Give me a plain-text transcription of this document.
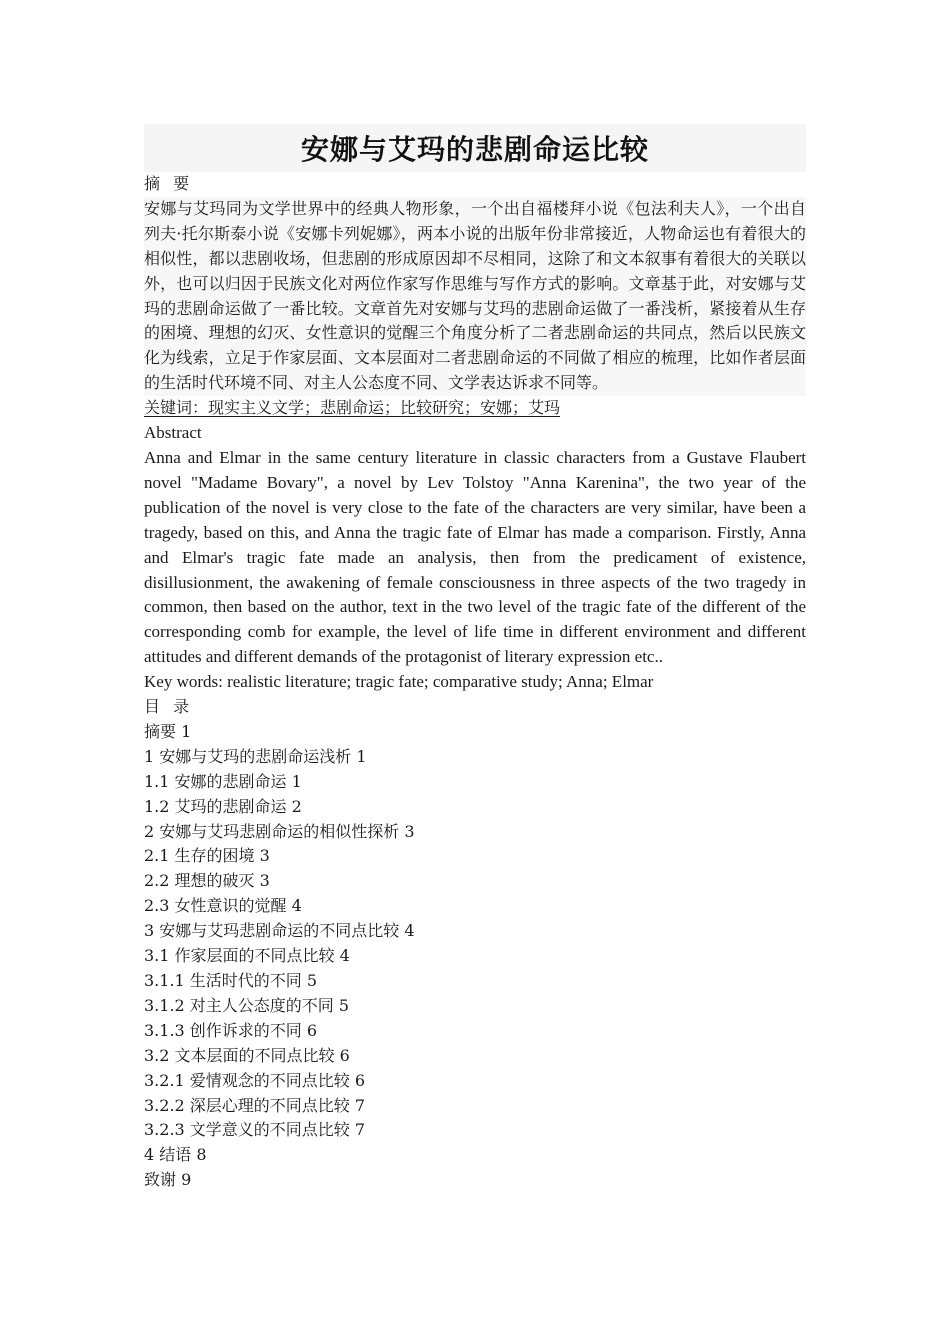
安娜与艾玛的悲剧命运比较

摘 要

安娜与艾玛同为文学世界中的经典人物形象，一个出自福楼拜小说《包法利夫人》，一个出自列夫·托尔斯泰小说《安娜卡列妮娜》，两本小说的出版年份非常接近，人物命运也有着很大的相似性，都以悲剧收场，但悲剧的形成原因却不尽相同，这除了和文本叙事有着很大的关联以外，也可以归因于民族文化对两位作家写作思维与写作方式的影响。文章基于此，对安娜与艾玛的悲剧命运做了一番比较。文章首先对安娜与艾玛的悲剧命运做了一番浅析，紧接着从生存的困境、理想的幻灭、女性意识的觉醒三个角度分析了二者悲剧命运的共同点，然后以民族文化为线索，立足于作家层面、文本层面对二者悲剧命运的不同做了相应的梳理，比如作者层面的生活时代环境不同、对主人公态度不同、文学表达诉求不同等。

关键词：现实主义文学；悲剧命运；比较研究；安娜；艾玛

Abstract

Anna and Elmar in the same century literature in classic characters from a Gustave Flaubert novel "Madame Bovary", a novel by Lev Tolstoy "Anna Karenina", the two year of the publication of the novel is very close to the fate of the characters are very similar, have been a tragedy, based on this, and Anna the tragic fate of Elmar has made a comparison. Firstly, Anna and Elmar's tragic fate made an analysis, then from the predicament of existence, disillusionment, the awakening of female consciousness in three aspects of the two tragedy in common, then based on the author, text in the two level of the tragic fate of the different of the corresponding comb for example, the level of life time in different environment and different attitudes and different demands of the protagonist of literary expression etc..

Key words: realistic literature; tragic fate; comparative study; Anna; Elmar

目 录

摘要 1

1 安娜与艾玛的悲剧命运浅析 1

1.1 安娜的悲剧命运 1

1.2 艾玛的悲剧命运 2

2 安娜与艾玛悲剧命运的相似性探析 3

2.1 生存的困境 3

2.2 理想的破灭 3

2.3 女性意识的觉醒 4

3 安娜与艾玛悲剧命运的不同点比较 4

3.1 作家层面的不同点比较 4

3.1.1 生活时代的不同 5

3.1.2 对主人公态度的不同 5

3.1.3 创作诉求的不同 6

3.2 文本层面的不同点比较 6

3.2.1 爱情观念的不同点比较 6

3.2.2 深层心理的不同点比较 7

3.2.3 文学意义的不同点比较 7

4 结语 8

致谢 9
